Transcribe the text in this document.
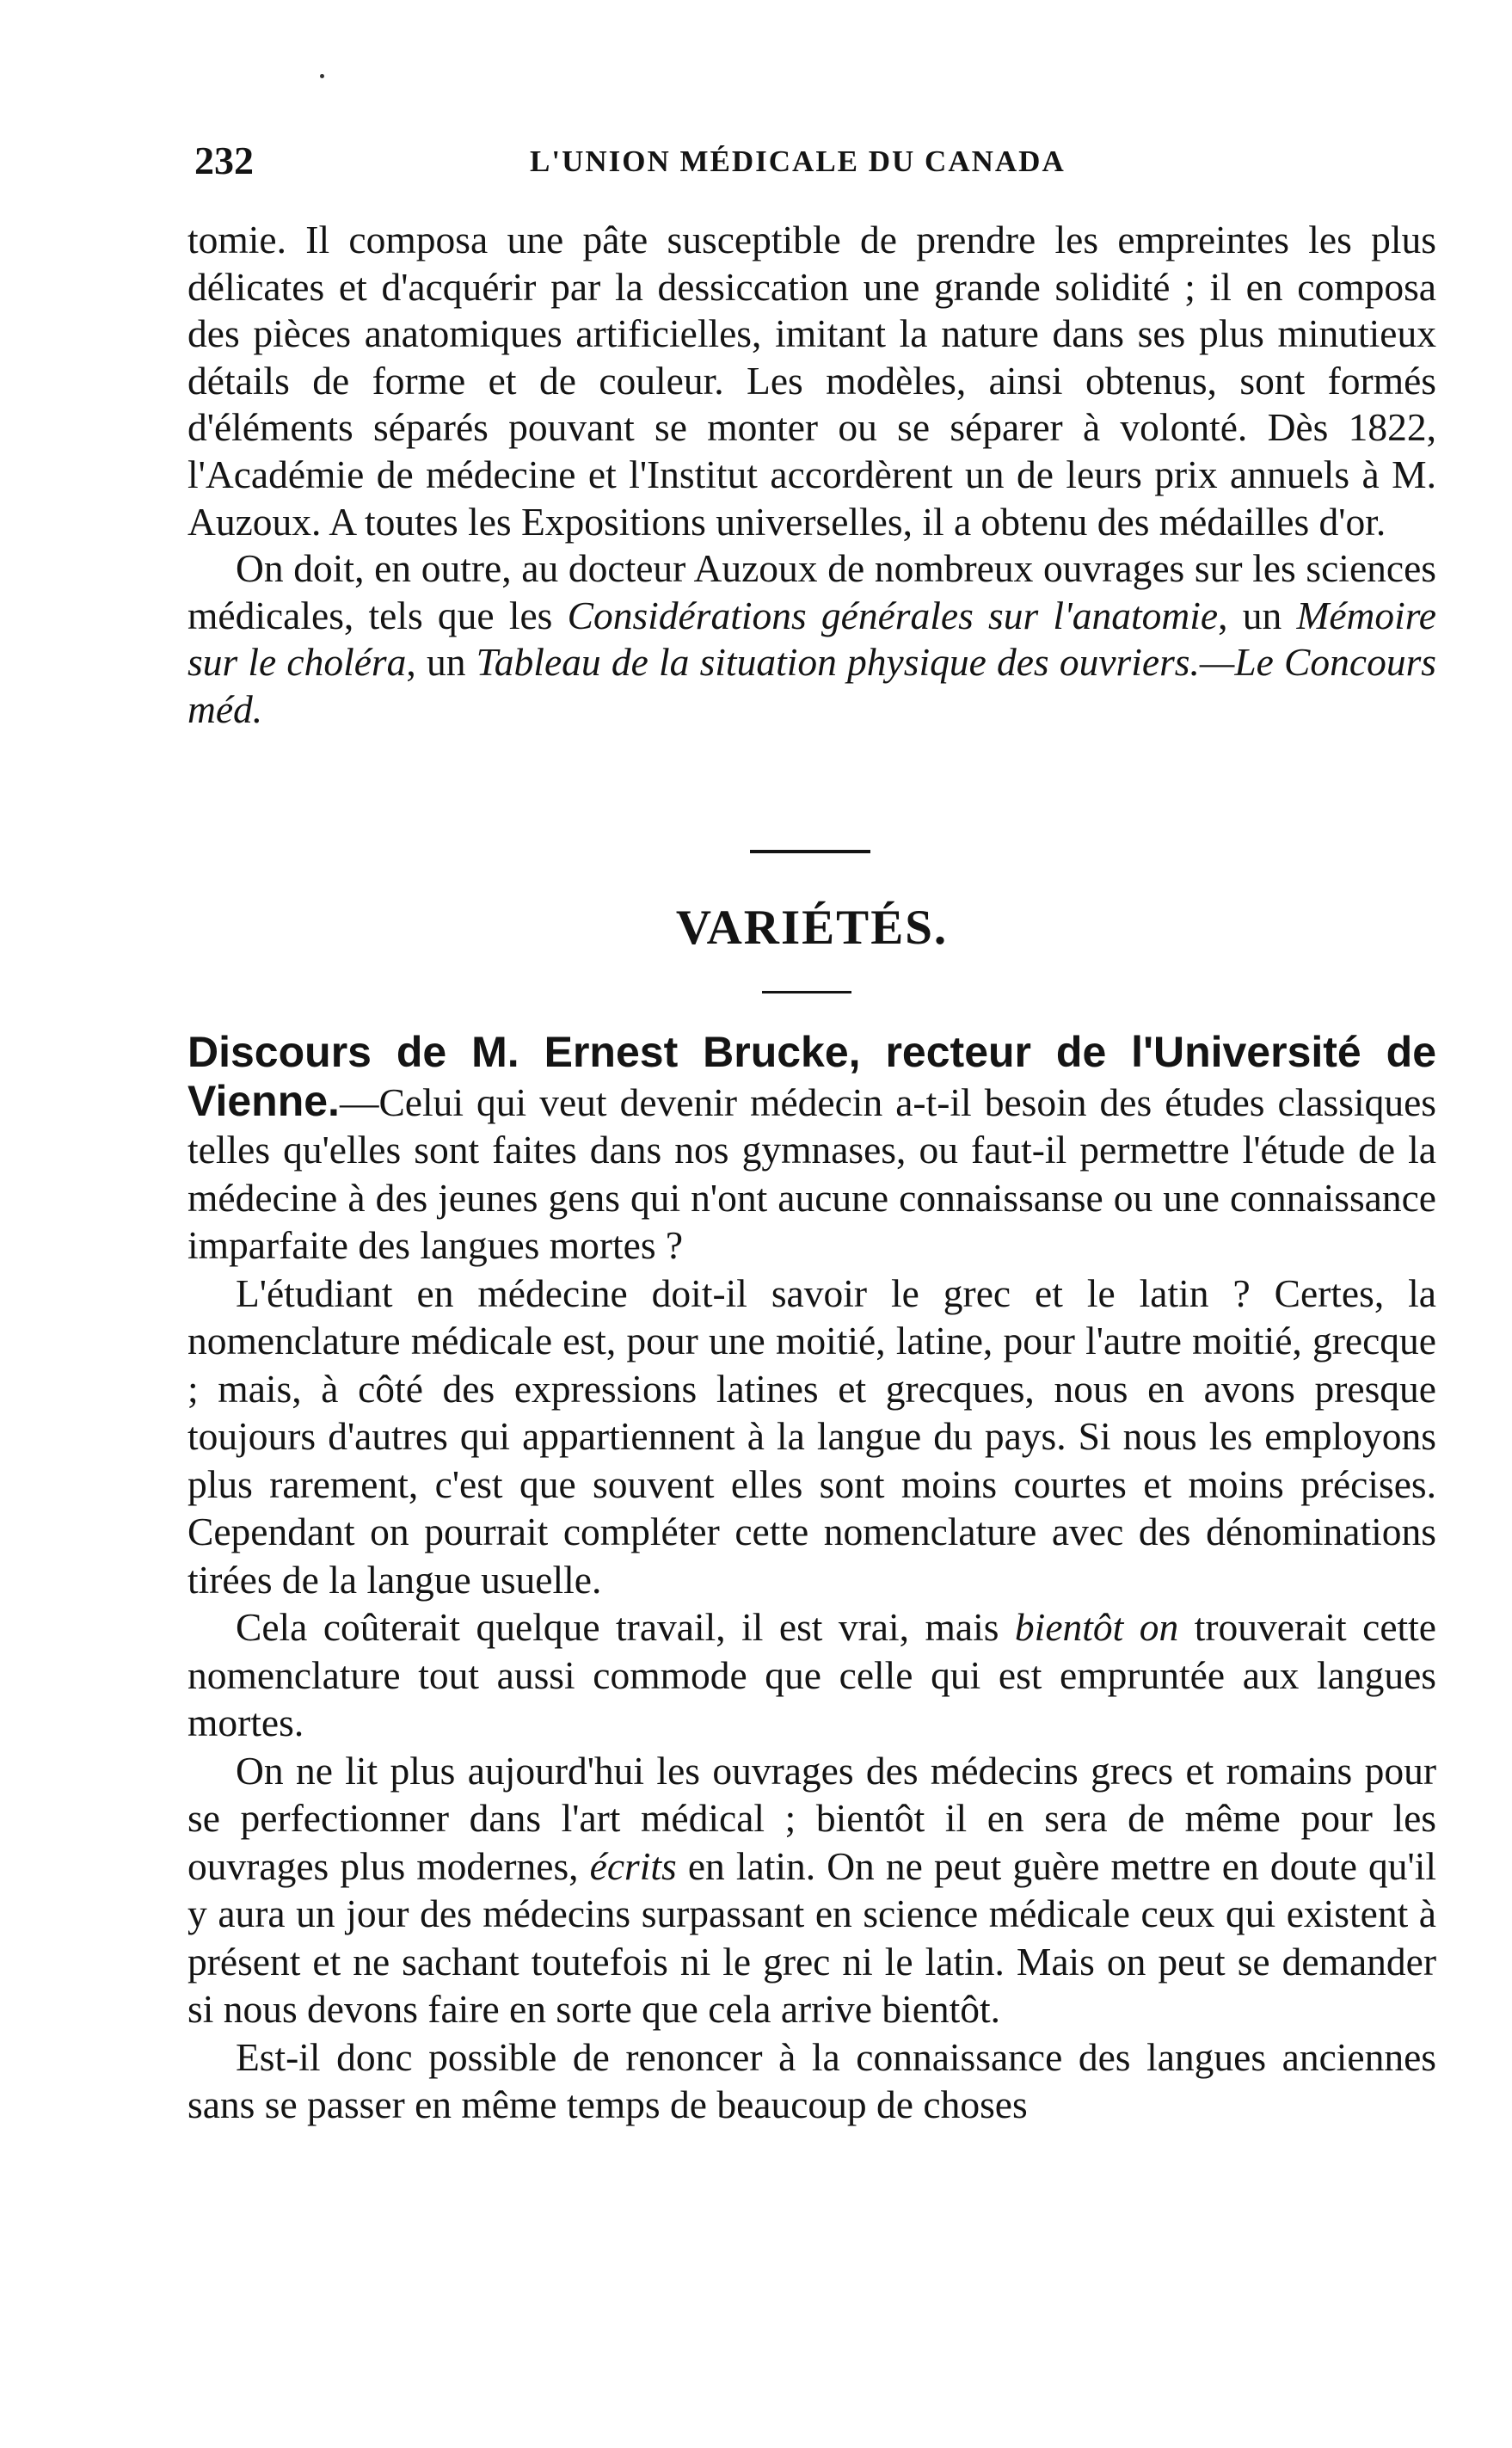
232	L'UNION MÉDICALE DU CANADA

tomie. Il composa une pâte susceptible de prendre les empreintes les plus délicates et d'acquérir par la dessiccation une grande solidité ; il en composa des pièces anatomiques artificielles, imitant la nature dans ses plus minutieux détails de forme et de couleur. Les modèles, ainsi obtenus, sont formés d'éléments séparés pouvant se monter ou se séparer à volonté. Dès 1822, l'Académie de médecine et l'Institut accordèrent un de leurs prix annuels à M. Auzoux. A toutes les Expositions universelles, il a obtenu des médailles d'or.

On doit, en outre, au docteur Auzoux de nombreux ouvrages sur les sciences médicales, tels que les Considérations générales sur l'anatomie, un Mémoire sur le choléra, un Tableau de la situation physique des ouvriers.—Le Concours méd.

VARIÉTÉS.

Discours de M. Ernest Brucke, recteur de l'Université de Vienne.—Celui qui veut devenir médecin a-t-il besoin des études classiques telles qu'elles sont faites dans nos gymnases, ou faut-il permettre l'étude de la médecine à des jeunes gens qui n'ont aucune connaissanse ou une connaissance imparfaite des langues mortes ?

L'étudiant en médecine doit-il savoir le grec et le latin ? Certes, la nomenclature médicale est, pour une moitié, latine, pour l'autre moitié, grecque ; mais, à côté des expressions latines et grecques, nous en avons presque toujours d'autres qui appartiennent à la langue du pays. Si nous les employons plus rarement, c'est que souvent elles sont moins courtes et moins précises. Cependant on pourrait compléter cette nomenclature avec des dénominations tirées de la langue usuelle.

Cela coûterait quelque travail, il est vrai, mais bientôt on trouverait cette nomenclature tout aussi commode que celle qui est empruntée aux langues mortes.

On ne lit plus aujourd'hui les ouvrages des médecins grecs et romains pour se perfectionner dans l'art médical ; bientôt il en sera de même pour les ouvrages plus modernes, écrits en latin. On ne peut guère mettre en doute qu'il y aura un jour des médecins surpassant en science médicale ceux qui existent à présent et ne sachant toutefois ni le grec ni le latin. Mais on peut se demander si nous devons faire en sorte que cela arrive bientôt.

Est-il donc possible de renoncer à la connaissance des langues anciennes sans se passer en même temps de beaucoup de choses
